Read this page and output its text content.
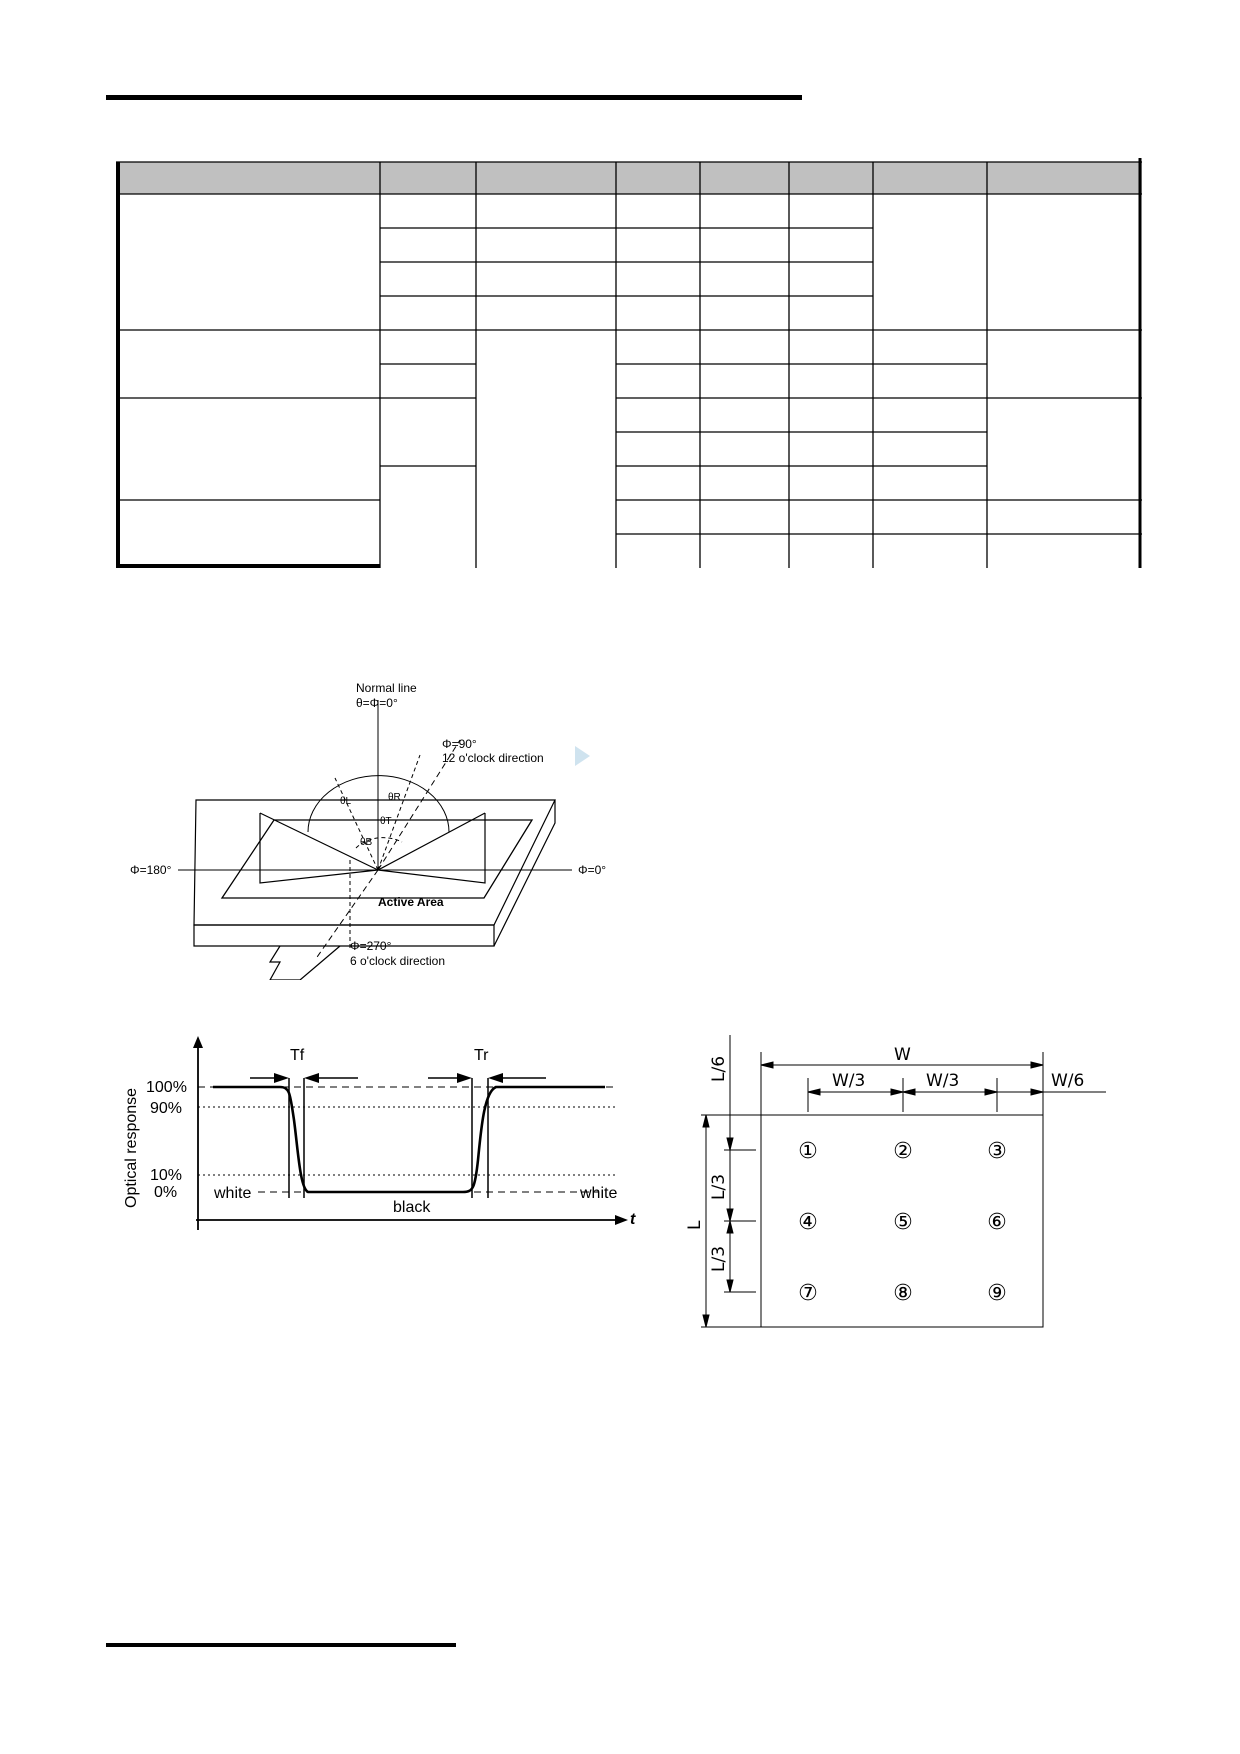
Normal line
θ=Φ=0°
Φ=90°
12 o'clock direction
Φ=180°	Φ=0°
Φ=270°
6 o'clock direction
Active Area
θL	θR
θT
θB
Optical response
t
Tf	Tr
100%
90%
10%
0% white
black
white
W
W/3	W/3	W/6
L/6
L
L/3
L/3
①	②	③
④	⑤	⑥
⑦	⑧	⑨
